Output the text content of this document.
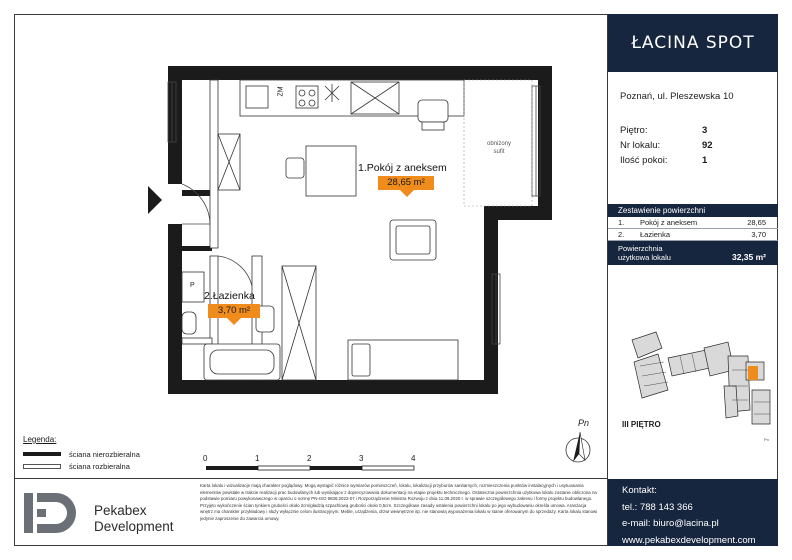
1.Pokój z aneksem
28,65 m²
2.Łazienka
3,70 m²
obniżony
sufit
ZM
P
ŁACINA SPOT
Poznań, ul. Pleszewska 10
Piętro:	3
Nr lokalu:	92
Ilość pokoi:	1
Zestawienie powierzchni
1.	Pokój z aneksem	28,65
2.	Łazienka	3,70
Powierzchnia
użytkowa lokalu	32,35 m²
III PIĘTRO
Pn
Kontakt:
tel.: 788 143 366
e-mail: biuro@lacina.pl
www.pekabexdevelopment.com
Legenda:
ściana nierozbieralna
ściana rozbieralna
0	1	2	3	4
Pn
Pekabex
Development
Karta lokalu i wizualizacje mają charakter poglądowy. Mogą wystąpić różnice wymiarów pomieszczeń, lokalu, lokalizacji przyborów sanitarnych, rozmieszczenia punktów instalacyjnych i usytuowania elementów powstałe w trakcie realizacji prac budowlanych lub wynikające z doprecyzowania dokumentacji na etapie projektu technicznego. Ostateczna powierzchnia użytkowa lokalu zostanie obliczona na podstawie pomiaru powykonawczego w oparciu o normę PN-ISO 9836:2022-07 i Rozporządzenie Ministra Rozwoju z dnia 11.09.2020 r. w sprawie szczegółowego zakresu i formy projektu budowlanego. Przyjęto wykończenie ścian tynkiem grubości około 2cm/gładzią szpachlową grubości około 0,5cm. Szczegółowe zasady ustalenia powierzchni lokalu po jego wybudowaniu określa umowa. Aranżacja wnętrz ma charakter przykładowy i służy wyłącznie celom ilustracyjnym. Meble, urządzenia, drzwi wewnętrzne itp. nie stanowią wyposażenia lokalu w stanie oferowanym do sprzedaży. Karta lokalu stanowi jedynie zaproszenie do zawarcia umowy.
